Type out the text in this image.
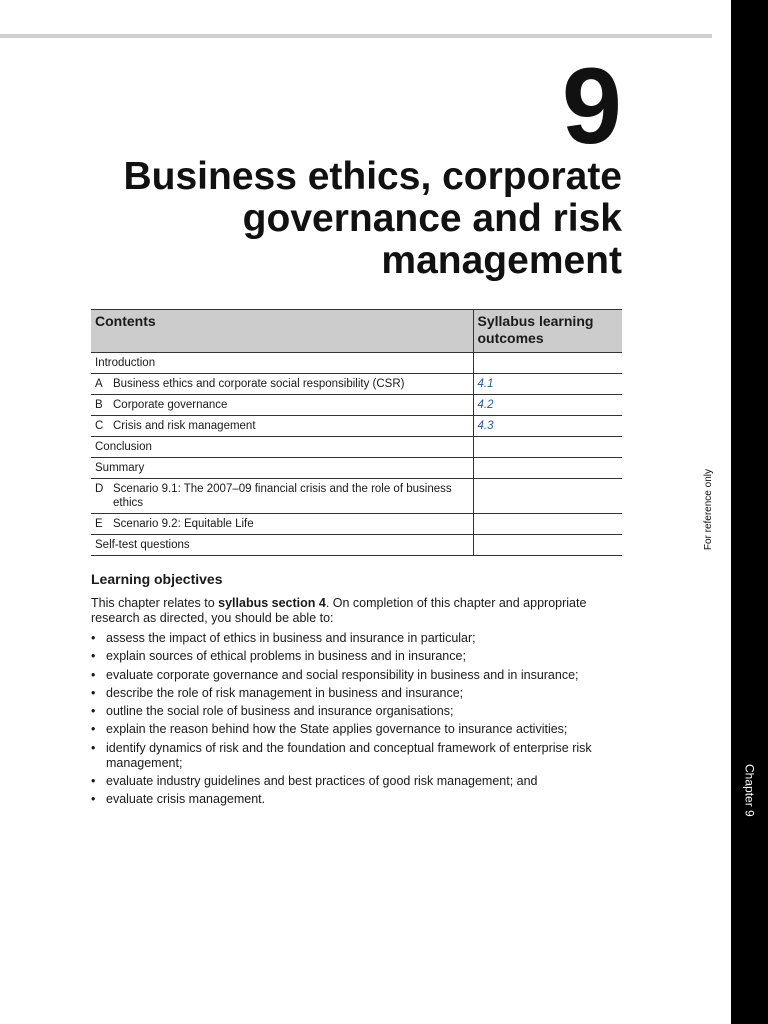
Chapter 9
For reference only
9
Business ethics, corporate governance and risk management
Contents	Syllabus learning outcomes

Introduction	

A Business ethics and corporate social responsibility (CSR)	4.1

B Corporate governance	4.2

C Crisis and risk management	4.3

Conclusion	

Summary	

D Scenario 9.1: The 2007–09 financial crisis and the role of business ethics	

E Scenario 9.2: Equitable Life	

Self-test questions	

Learning objectives

This chapter relates to syllabus section 4. On completion of this chapter and appropriate research as directed, you should be able to:

• assess the impact of ethics in business and insurance in particular;
• explain sources of ethical problems in business and in insurance;
• evaluate corporate governance and social responsibility in business and in insurance;
• describe the role of risk management in business and insurance;
• outline the social role of business and insurance organisations;
• explain the reason behind how the State applies governance to insurance activities;
• identify dynamics of risk and the foundation and conceptual framework of enterprise risk management;
• evaluate industry guidelines and best practices of good risk management; and
• evaluate crisis management.
